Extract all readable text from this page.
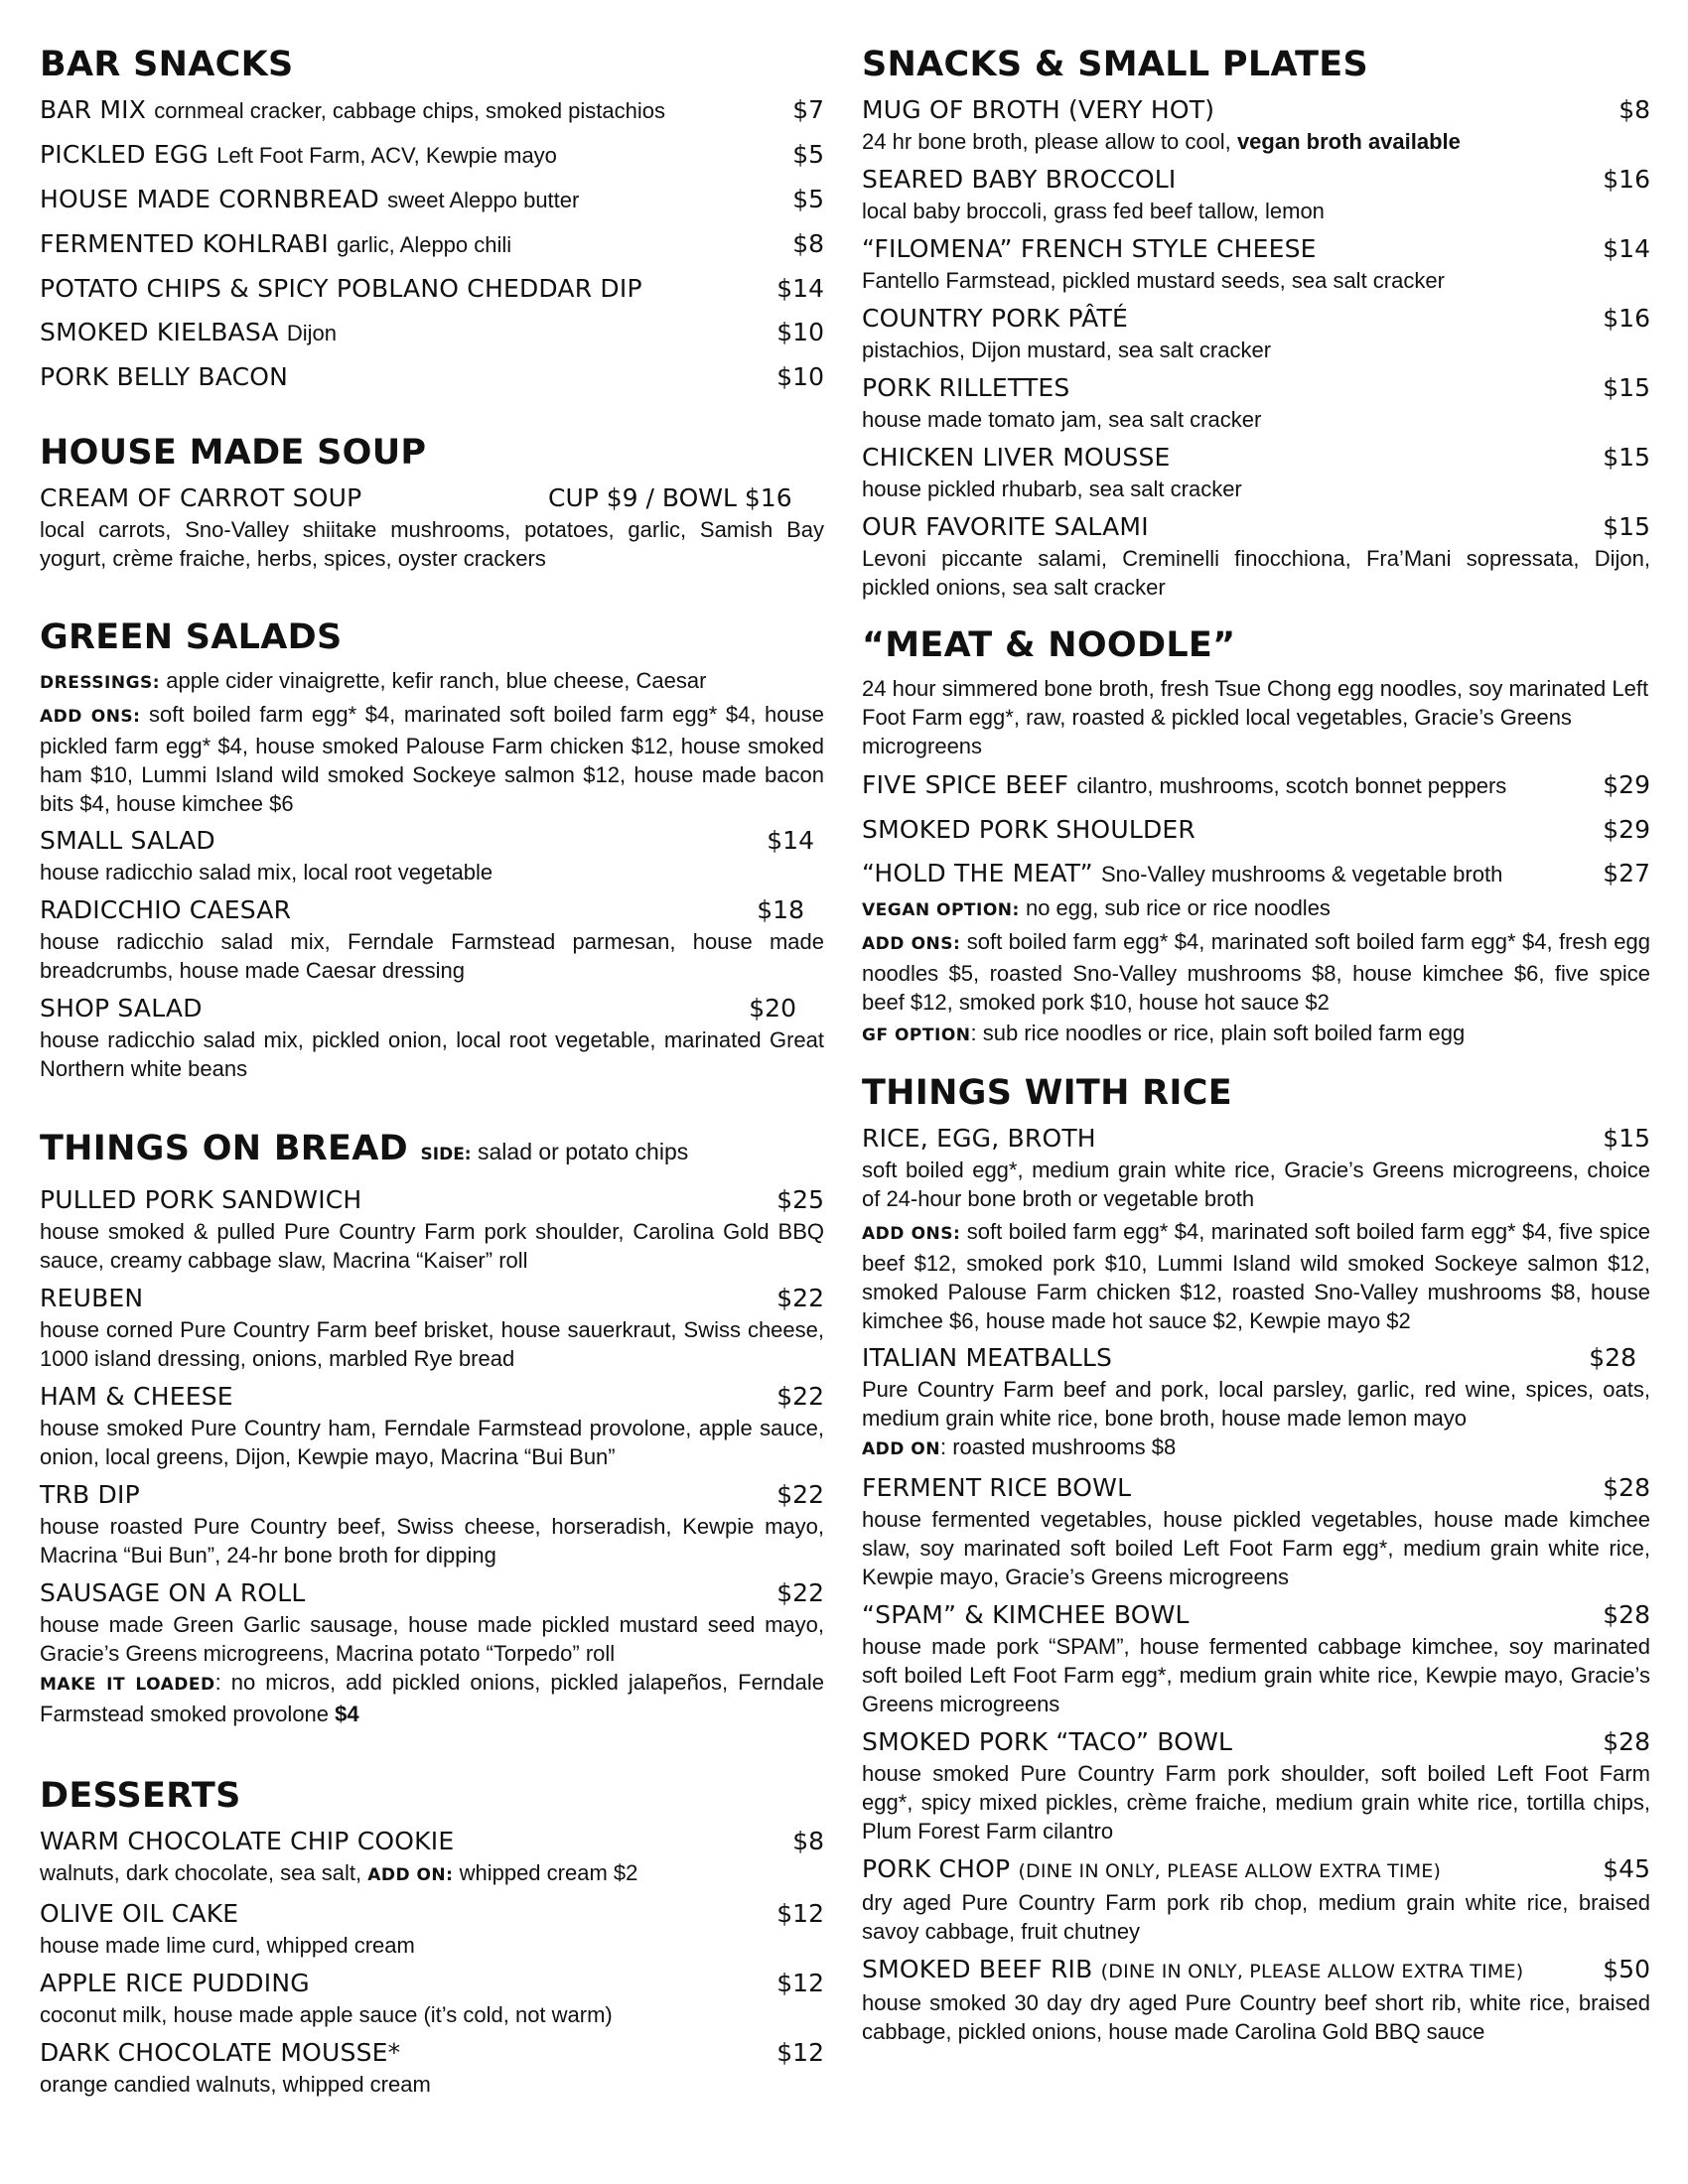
BAR SNACKS
BAR MIX cornmeal cracker, cabbage chips, smoked pistachios	$7
PICKLED EGG Left Foot Farm, ACV, Kewpie mayo	$5
HOUSE MADE CORNBREAD sweet Aleppo butter	$5
FERMENTED KOHLRABI garlic, Aleppo chili	$8
POTATO CHIPS & SPICY POBLANO CHEDDAR DIP	$14
SMOKED KIELBASA Dijon	$10
PORK BELLY BACON	$10
HOUSE MADE SOUP
CREAM OF CARROT SOUP	CUP $9 / BOWL $16

local carrots, Sno-Valley shiitake mushrooms, potatoes, garlic, Samish Bay yogurt, crème fraiche, herbs, spices, oyster crackers

GREEN SALADS

DRESSINGS: apple cider vinaigrette, kefir ranch, blue cheese, Caesar

ADD ONS: soft boiled farm egg* $4, marinated soft boiled farm egg* $4, house pickled farm egg* $4, house smoked Palouse Farm chicken $12, house smoked ham $10, Lummi Island wild smoked Sockeye salmon $12, house made bacon bits $4, house kimchee $6

SMALL SALAD	$14

house radicchio salad mix, local root vegetable

RADICCHIO CAESAR	$18

house radicchio salad mix, Ferndale Farmstead parmesan, house made breadcrumbs, house made Caesar dressing

SHOP SALAD	$20

house radicchio salad mix, pickled onion, local root vegetable, marinated Great Northern white beans

THINGS ON BREAD SIDE: salad or potato chips
PULLED PORK SANDWICH	$25

house smoked & pulled Pure Country Farm pork shoulder, Carolina Gold BBQ sauce, creamy cabbage slaw, Macrina “Kaiser” roll

REUBEN	$22

house corned Pure Country Farm beef brisket, house sauerkraut, Swiss cheese, 1000 island dressing, onions, marbled Rye bread

HAM & CHEESE	$22

house smoked Pure Country ham, Ferndale Farmstead provolone, apple sauce, onion, local greens, Dijon, Kewpie mayo, Macrina “Bui Bun”

TRB DIP	$22

house roasted Pure Country beef, Swiss cheese, horseradish, Kewpie mayo, Macrina “Bui Bun”, 24-hr bone broth for dipping

SAUSAGE ON A ROLL	$22

house made Green Garlic sausage, house made pickled mustard seed mayo, Gracie’s Greens microgreens, Macrina potato “Torpedo” roll

MAKE IT LOADED: no micros, add pickled onions, pickled jalapeños, Ferndale Farmstead smoked provolone $4

DESSERTS
WARM CHOCOLATE CHIP COOKIE	$8

walnuts, dark chocolate, sea salt, ADD ON: whipped cream $2

OLIVE OIL CAKE	$12

house made lime curd, whipped cream

APPLE RICE PUDDING	$12

coconut milk, house made apple sauce (it’s cold, not warm)

DARK CHOCOLATE MOUSSE*	$12

orange candied walnuts, whipped cream

SNACKS & SMALL PLATES
MUG OF BROTH (VERY HOT)	$8

24 hr bone broth, please allow to cool, vegan broth available

SEARED BABY BROCCOLI	$16

local baby broccoli, grass fed beef tallow, lemon

“FILOMENA” FRENCH STYLE CHEESE	$14

Fantello Farmstead, pickled mustard seeds, sea salt cracker

COUNTRY PORK PÂTÉ	$16

pistachios, Dijon mustard, sea salt cracker

PORK RILLETTES	$15

house made tomato jam, sea salt cracker

CHICKEN LIVER MOUSSE	$15

house pickled rhubarb, sea salt cracker

OUR FAVORITE SALAMI	$15

Levoni piccante salami, Creminelli finocchiona, Fra’Mani sopressata, Dijon, pickled onions, sea salt cracker

“MEAT & NOODLE”

24 hour simmered bone broth, fresh Tsue Chong egg noodles, soy marinated Left Foot Farm egg*, raw, roasted & pickled local vegetables, Gracie’s Greens microgreens

FIVE SPICE BEEF cilantro, mushrooms, scotch bonnet peppers	$29
SMOKED PORK SHOULDER	$29
“HOLD THE MEAT” Sno-Valley mushrooms & vegetable broth	$27

VEGAN OPTION: no egg, sub rice or rice noodles

ADD ONS: soft boiled farm egg* $4, marinated soft boiled farm egg* $4, fresh egg noodles $5, roasted Sno-Valley mushrooms $8, house kimchee $6, five spice beef $12, smoked pork $10, house hot sauce $2

GF OPTION: sub rice noodles or rice, plain soft boiled farm egg

THINGS WITH RICE
RICE, EGG, BROTH	$15

soft boiled egg*, medium grain white rice, Gracie’s Greens microgreens, choice of 24-hour bone broth or vegetable broth

ADD ONS: soft boiled farm egg* $4, marinated soft boiled farm egg* $4, five spice beef $12, smoked pork $10, Lummi Island wild smoked Sockeye salmon $12, smoked Palouse Farm chicken $12, roasted Sno-Valley mushrooms $8, house kimchee $6, house made hot sauce $2, Kewpie mayo $2

ITALIAN MEATBALLS	$28

Pure Country Farm beef and pork, local parsley, garlic, red wine, spices, oats, medium grain white rice, bone broth, house made lemon mayo

ADD ON: roasted mushrooms $8

FERMENT RICE BOWL	$28

house fermented vegetables, house pickled vegetables, house made kimchee slaw, soy marinated soft boiled Left Foot Farm egg*, medium grain white rice, Kewpie mayo, Gracie’s Greens microgreens

“SPAM” & KIMCHEE BOWL	$28

house made pork “SPAM”, house fermented cabbage kimchee, soy marinated soft boiled Left Foot Farm egg*, medium grain white rice, Kewpie mayo, Gracie’s Greens microgreens

SMOKED PORK “TACO” BOWL	$28

house smoked Pure Country Farm pork shoulder, soft boiled Left Foot Farm egg*, spicy mixed pickles, crème fraiche, medium grain white rice, tortilla chips, Plum Forest Farm cilantro

PORK CHOP (DINE IN ONLY, PLEASE ALLOW EXTRA TIME)	$45

dry aged Pure Country Farm pork rib chop, medium grain white rice, braised savoy cabbage, fruit chutney

SMOKED BEEF RIB (DINE IN ONLY, PLEASE ALLOW EXTRA TIME)	$50

house smoked 30 day dry aged Pure Country beef short rib, white rice, braised cabbage, pickled onions, house made Carolina Gold BBQ sauce
